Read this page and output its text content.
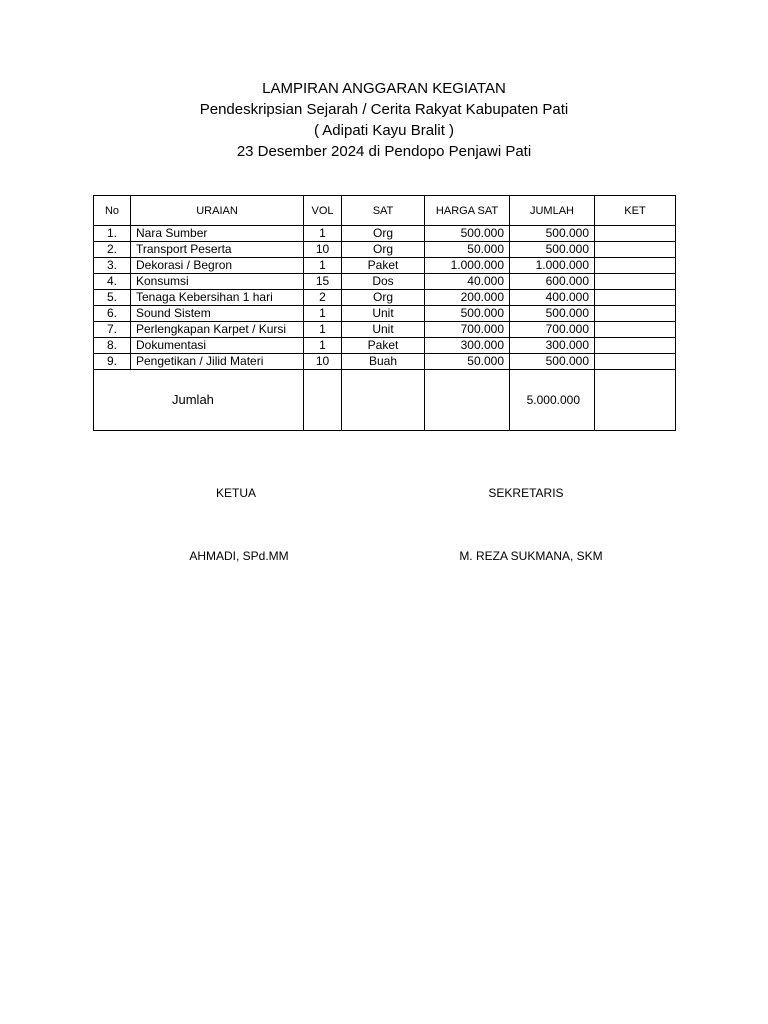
LAMPIRAN ANGGARAN KEGIATAN
Pendeskripsian Sejarah / Cerita Rakyat Kabupaten Pati
( Adipati Kayu Bralit )
23 Desember 2024 di Pendopo Penjawi Pati
No	URAIAN	VOL	SAT	HARGA SAT	JUMLAH	KET
1.	Nara Sumber	1	Org	500.000	500.000	
2.	Transport Peserta	10	Org	50.000	500.000	
3.	Dekorasi / Begron	1	Paket	1.000.000	1.000.000	
4.	Konsumsi	15	Dos	40.000	600.000	
5.	Tenaga Kebersihan 1 hari	2	Org	200.000	400.000	
6.	Sound Sistem	1	Unit	500.000	500.000	
7.	Perlengkapan Karpet / Kursi	1	Unit	700.000	700.000	
8.	Dokumentasi	1	Paket	300.000	300.000	
9.	Pengetikan / Jilid Materi	10	Buah	50.000	500.000	
Jumlah					5.000.000	
KETUA	SEKRETARIS
AHMADI, SPd.MM	M. REZA SUKMANA, SKM
